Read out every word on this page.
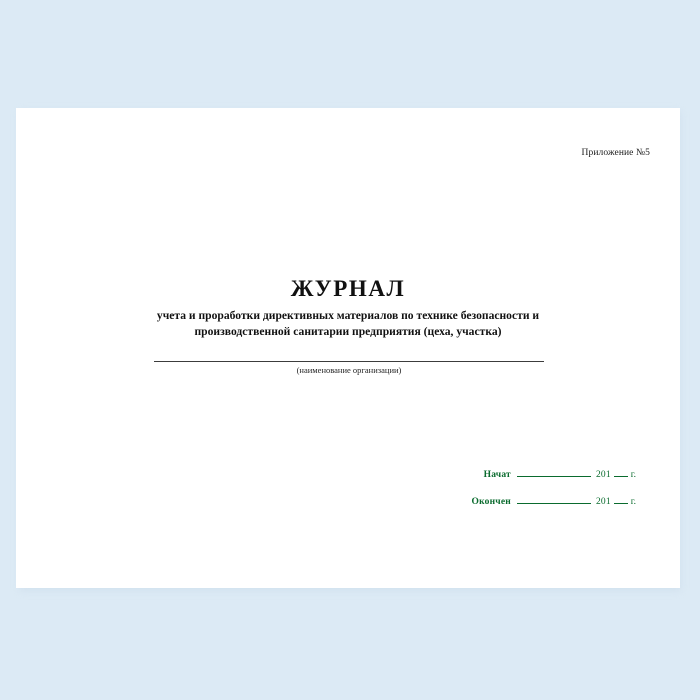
Приложение №5
ЖУРНАЛ
учета и проработки директивных материалов по технике безопасности и
производственной санитарии предприятия (цеха, участка)
(наименование организации)
Начат	201 г.
Окончен	201 г.
